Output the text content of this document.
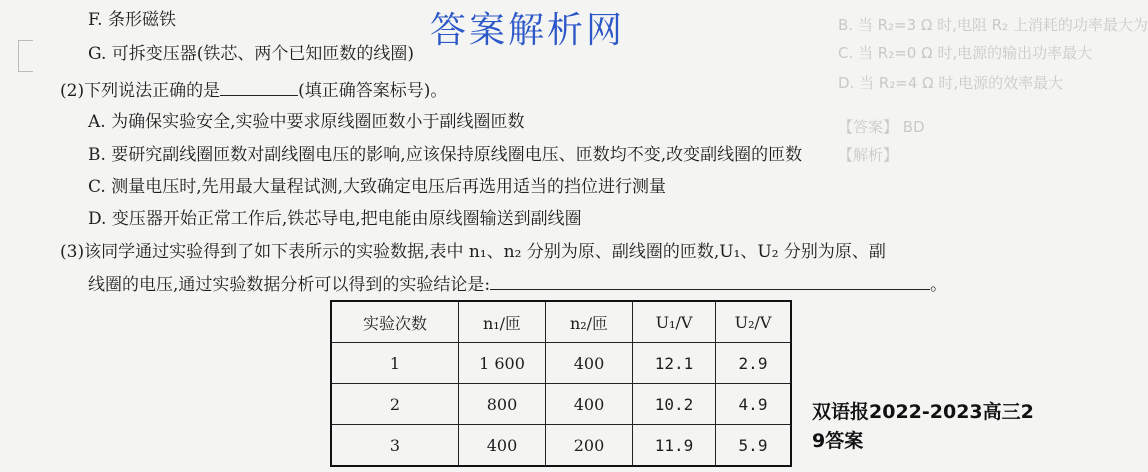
B. 当 R₂=3 Ω 时,电阻 R₂ 上消耗的功率最大为
C. 当 R₂=0 Ω 时,电源的输出功率最大
D. 当 R₂=4 Ω 时,电源的效率最大
【答案】 BD
【解析】
答案解析网
F. 条形磁铁
G. 可拆变压器(铁芯、两个已知匝数的线圈)
(2)下列说法正确的是	(填正确答案标号)。
A. 为确保实验安全,实验中要求原线圈匝数小于副线圈匝数
B. 要研究副线圈匝数对副线圈电压的影响,应该保持原线圈电压、匝数均不变,改变副线圈的匝数
C. 测量电压时,先用最大量程试测,大致确定电压后再选用适当的挡位进行测量
D. 变压器开始正常工作后,铁芯导电,把电能由原线圈输送到副线圈
(3)该同学通过实验得到了如下表所示的实验数据,表中 n₁、n₂ 分别为原、副线圈的匝数,U₁、U₂ 分别为原、副
线圈的电压,通过实验数据分析可以得到的实验结论是:	。
实验次数	n₁/匝	n₂/匝	U₁/V	U₂/V
1	1 600	400	12.1	2.9
2	800	400	10.2	4.9
3	400	200	11.9	5.9
双语报2022-2023高三29答案
